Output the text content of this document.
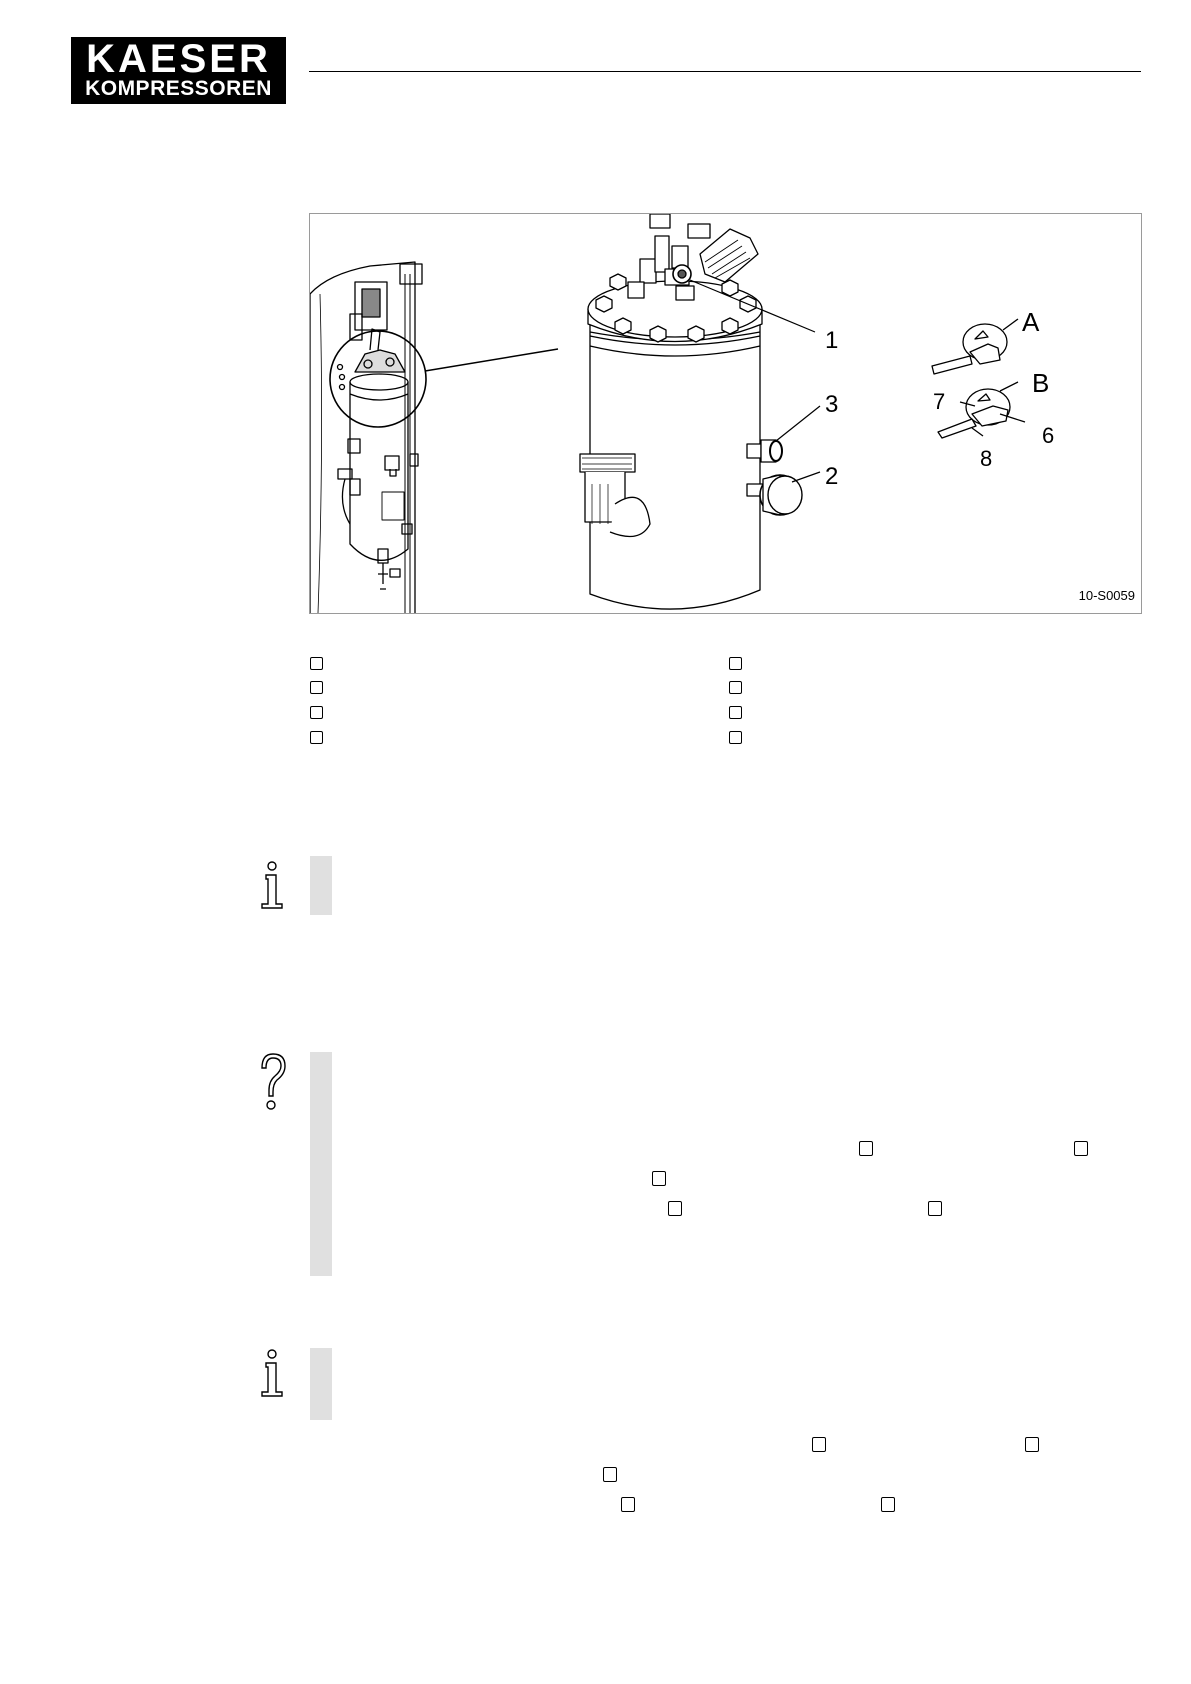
KAESER
KOMPRESSOREN
1
2
3
A
B
6
7
8
10-S0059
